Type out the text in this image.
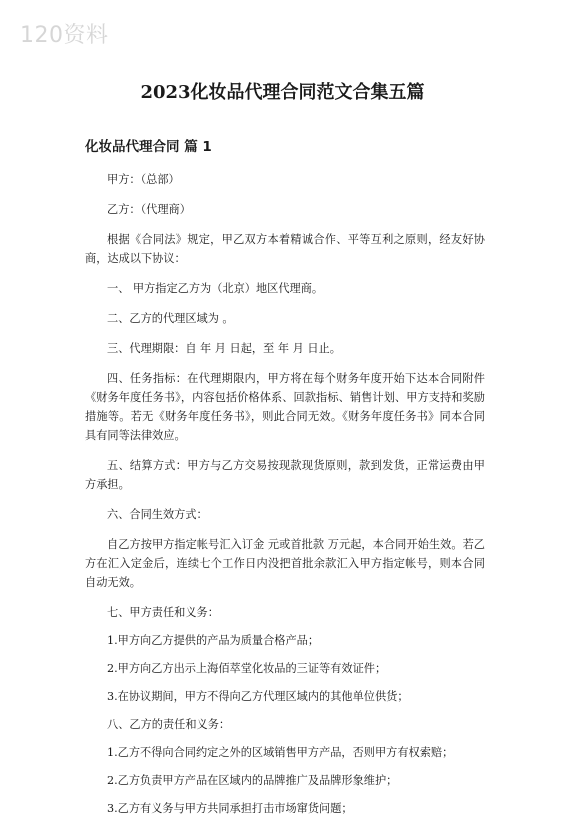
120资料
2023化妆品代理合同范文合集五篇
化妆品代理合同 篇 1

甲方：（总部）

乙方：（代理商）

根据《合同法》规定，甲乙双方本着精诚合作、平等互利之原则，经友好协商，达成以下协议：

一、 甲方指定乙方为（北京）地区代理商。

二、乙方的代理区域为 。

三、代理期限：自 年 月 日起，至 年 月 日止。

四、任务指标：在代理期限内，甲方将在每个财务年度开始下达本合同附件《财务年度任务书》，内容包括价格体系、回款指标、销售计划、甲方支持和奖励措施等。若无《财务年度任务书》，则此合同无效。《财务年度任务书》同本合同具有同等法律效应。

五、结算方式：甲方与乙方交易按现款现货原则，款到发货，正常运费由甲方承担。

六、合同生效方式：

自乙方按甲方指定帐号汇入订金 元或首批款 万元起，本合同开始生效。若乙方在汇入定金后，连续七个工作日内没把首批余款汇入甲方指定帐号，则本合同自动无效。

七、甲方责任和义务：

1.甲方向乙方提供的产品为质量合格产品；

2.甲方向乙方出示上海佰萃堂化妆品的三证等有效证件；

3.在协议期间，甲方不得向乙方代理区域内的其他单位供货；

八、乙方的责任和义务：

1.乙方不得向合同约定之外的区域销售甲方产品，否则甲方有权索赔；

2.乙方负责甲方产品在区域内的品牌推广及品牌形象维护；

3.乙方有义务与甲方共同承担打击市场窜货问题；
